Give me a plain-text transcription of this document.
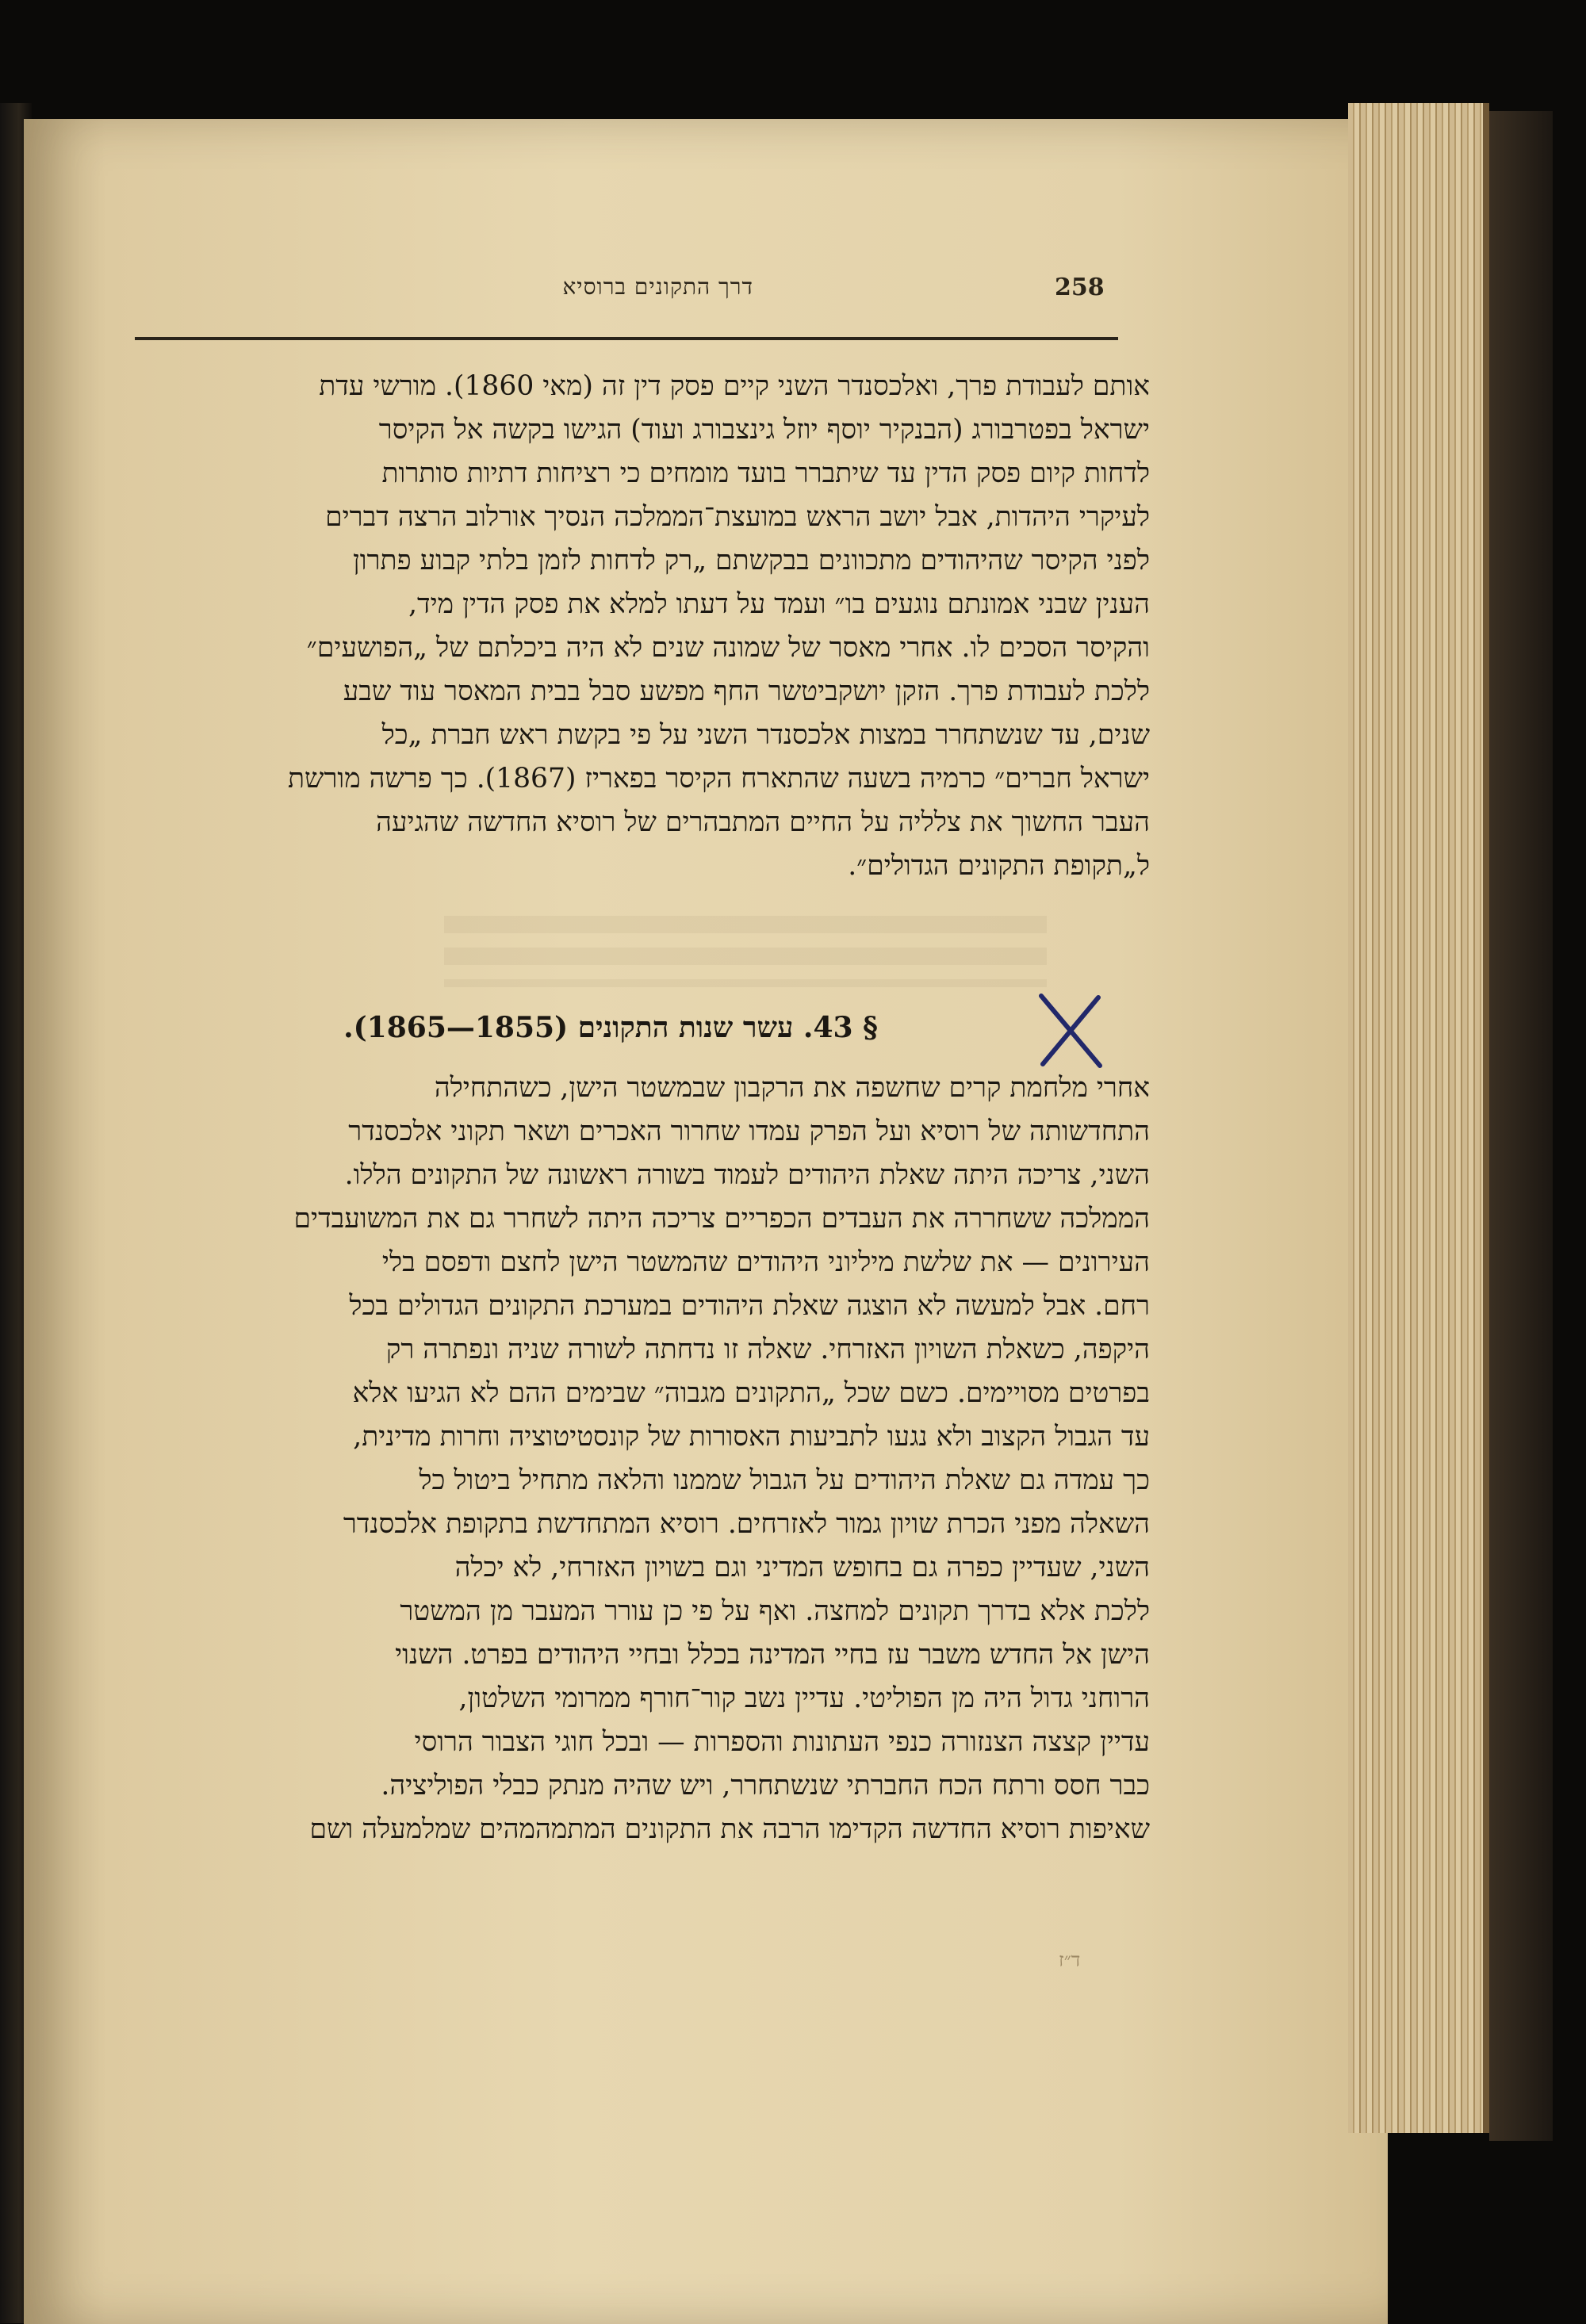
דרך התקונים ברוסיא	258
אותם לעבודת פרך, ואלכסנדר השני קיים פסק דין זה (מאי 1860). מורשי עדת
ישראל בפטרבורג (הבנקיר יוסף יוזל גינצבורג ועוד) הגישו בקשה אל הקיסר
לדחות קיום פסק הדין עד שיתברר בועד מומחים כי רציחות דתיות סותרות
לעיקרי היהדות, אבל יושב הראש במועצת־הממלכה הנסיך אורלוב הרצה דברים
לפני הקיסר שהיהודים מתכוונים בבקשתם „רק לדחות לזמן בלתי קבוע פתרון
הענין שבני אמונתם נוגעים בו״ ועמד על דעתו למלא את פסק הדין מיד,
והקיסר הסכים לו. אחרי מאסר של שמונה שנים לא היה ביכלתם של „הפושעים״
ללכת לעבודת פרך. הזקן יושקביטשר החף מפשע סבל בבית המאסר עוד שבע
שנים, עד שנשתחרר במצות אלכסנדר השני על פי בקשת ראש חברת „כל
ישראל חברים״ כרמיה בשעה שהתארח הקיסר בפאריז (1867). כך פרשה מורשת
העבר החשוך את צלליה על החיים המתבהרים של רוסיא החדשה שהגיעה
ל„תקופת התקונים הגדולים״.
§ 43. עשר שנות התקונים (1855—1865).
אחרי מלחמת קרים שחשפה את הרקבון שבמשטר הישן, כשהתחילה
התחדשותה של רוסיא ועל הפרק עמדו שחרור האכרים ושאר תקוני אלכסנדר
השני, צריכה היתה שאלת היהודים לעמוד בשורה ראשונה של התקונים הללו.
הממלכה ששחררה את העבדים הכפריים צריכה היתה לשחרר גם את המשועבדים
העירונים — את שלשת מיליוני היהודים שהמשטר הישן לחצם ודפסם בלי
רחם. אבל למעשה לא הוצגה שאלת היהודים במערכת התקונים הגדולים בכל
היקפה, כשאלת השויון האזרחי. שאלה זו נדחתה לשורה שניה ונפתרה רק
בפרטים מסויימים. כשם שכל „התקונים מגבוה״ שבימים ההם לא הגיעו אלא
עד הגבול הקצוב ולא נגעו לתביעות האסורות של קונסטיטוציה וחרות מדינית,
כך עמדה גם שאלת היהודים על הגבול שממנו והלאה מתחיל ביטול כל
השאלה מפני הכרת שויון גמור לאזרחים. רוסיא המתחדשת בתקופת אלכסנדר
השני, שעדיין כפרה גם בחופש המדיני וגם בשויון האזרחי, לא יכלה
ללכת אלא בדרך תקונים למחצה. ואף על פי כן עורר המעבר מן המשטר
הישן אל החדש משבר עז בחיי המדינה בכלל ובחיי היהודים בפרט. השנוי
הרוחני גדול היה מן הפוליטי. עדיין נשב קור־חורף ממרומי השלטון,
עדיין קצצה הצנזורה כנפי העתונות והספרות — ובכל חוגי הצבור הרוסי
כבר חסס ורתח הכח החברתי שנשתחרר, ויש שהיה מנתק כבלי הפוליציה.
שאיפות רוסיא החדשה הקדימו הרבה את התקונים המתמהמהים שמלמעלה ושם
ד״ז
